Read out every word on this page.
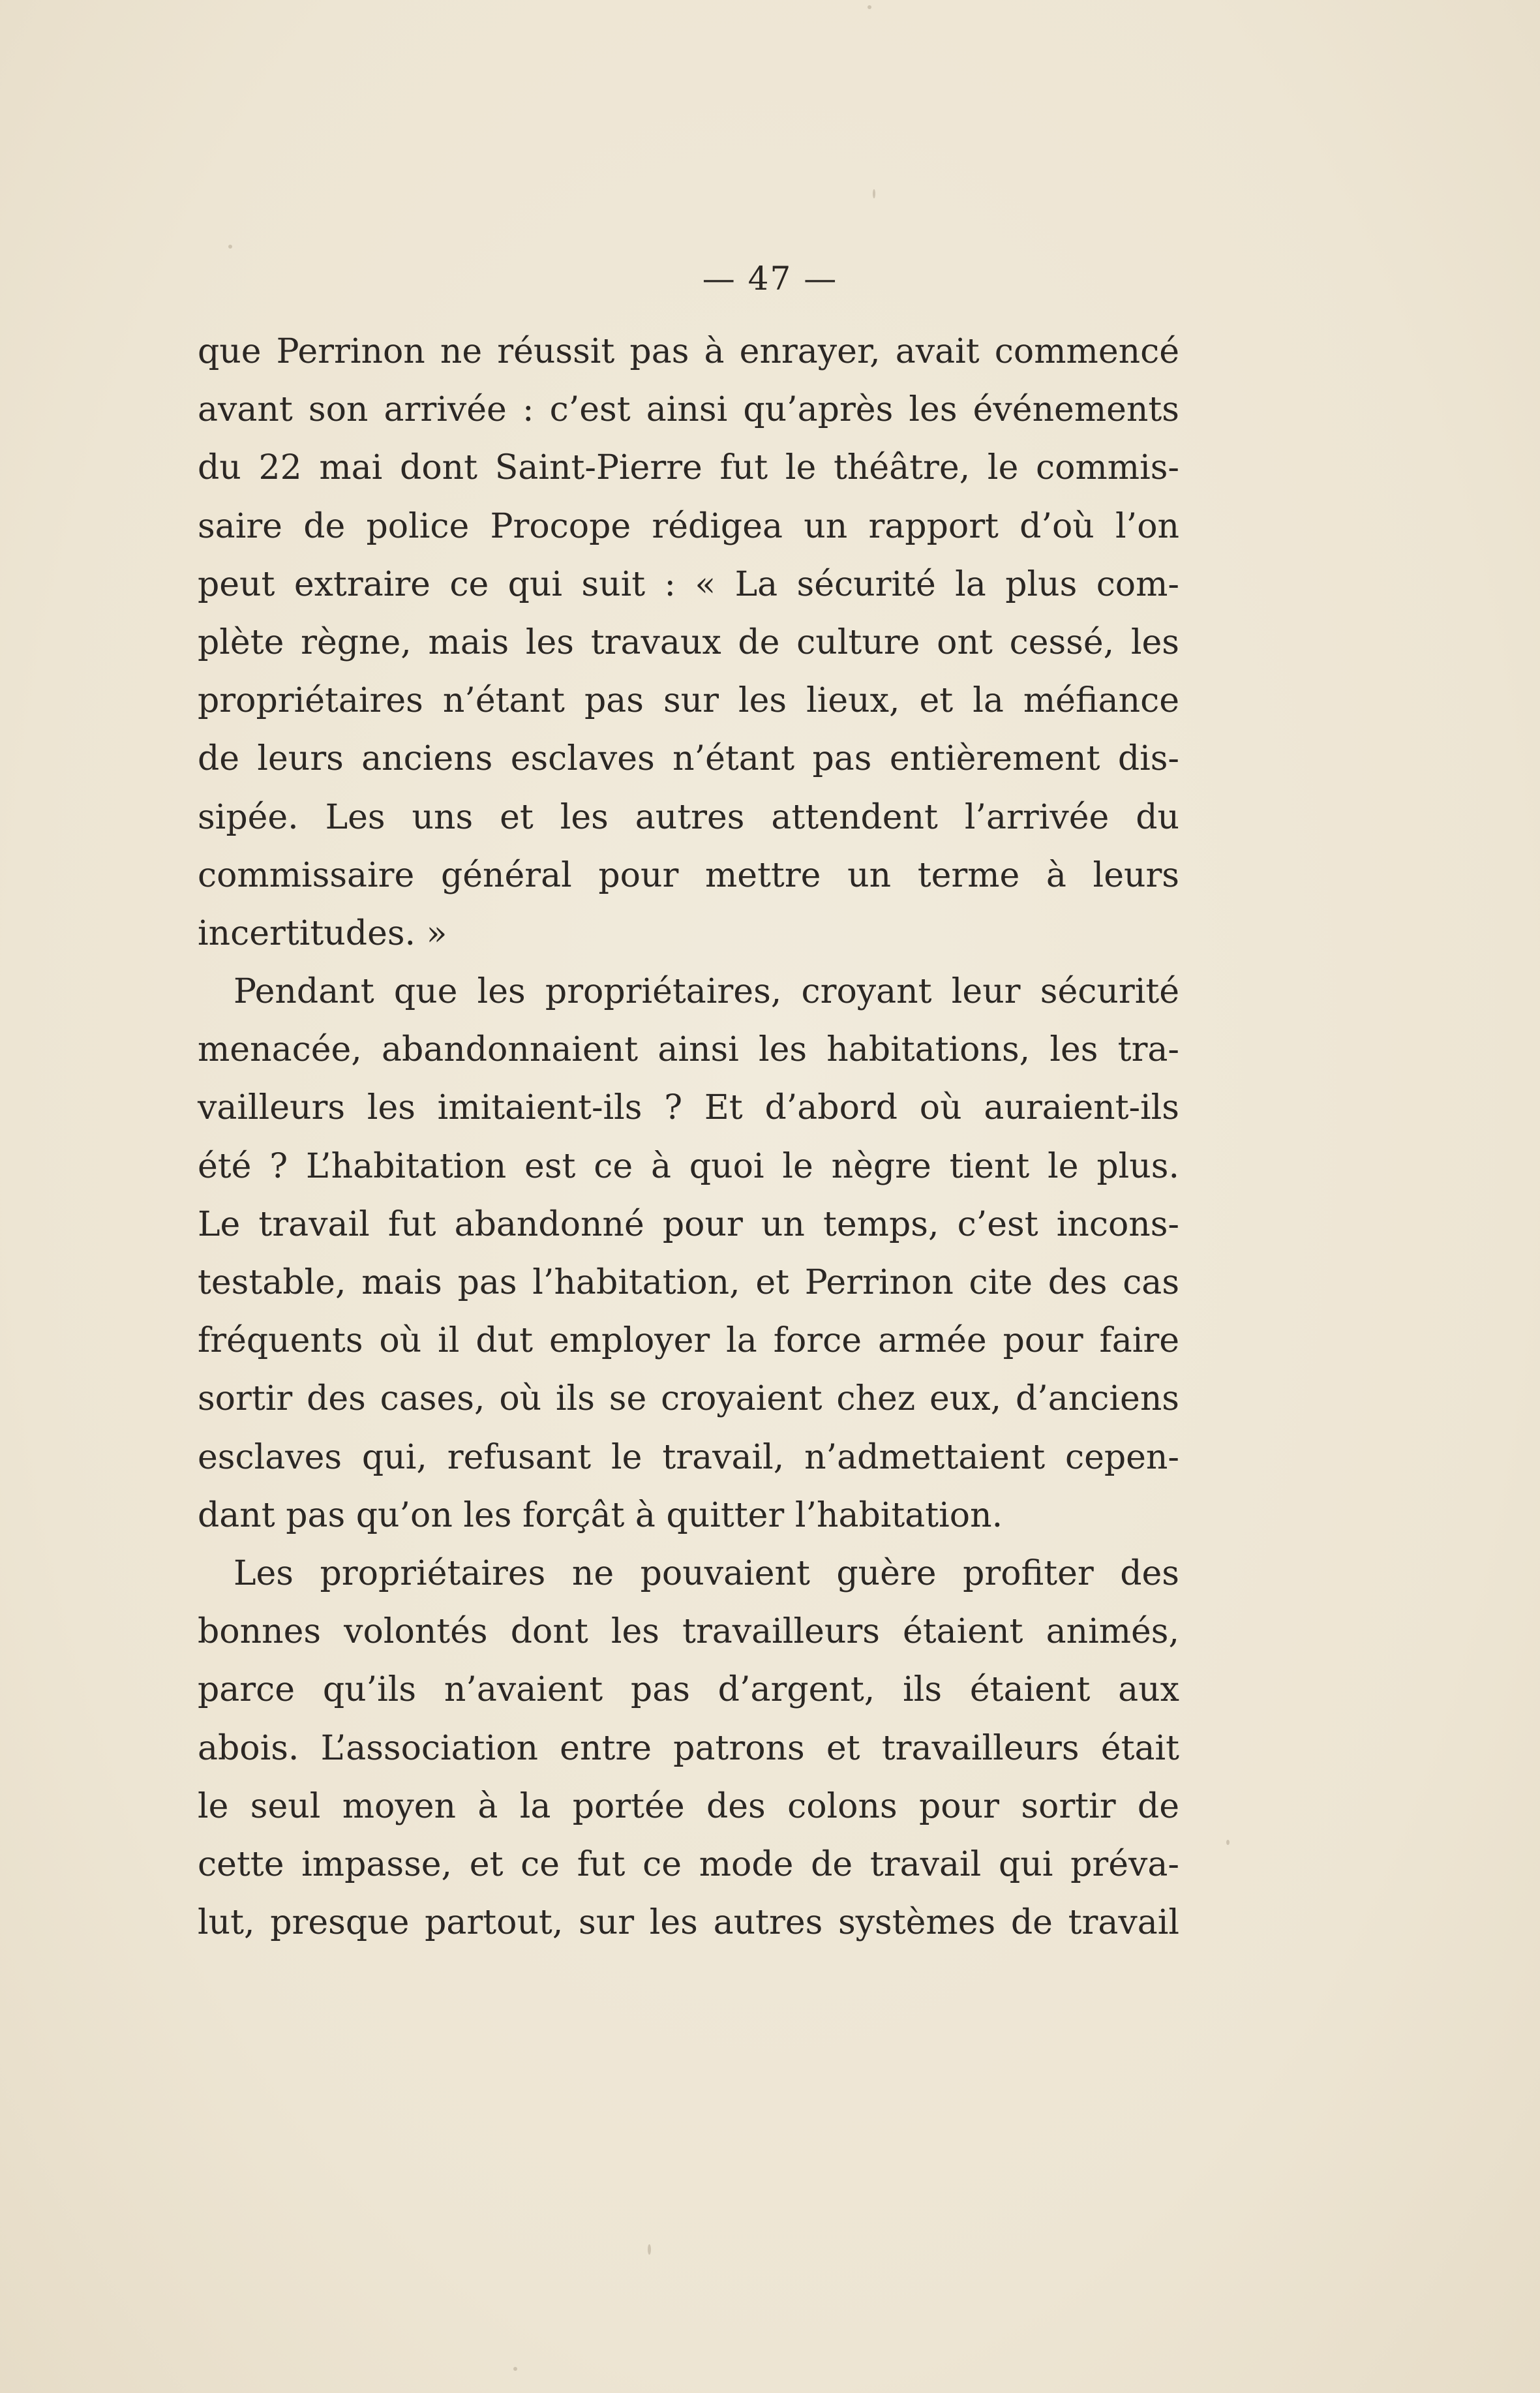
— 47 —
que Perrinon ne réussit pas à enrayer, avait commencé
avant son arrivée : c’est ainsi qu’après les événements
du 22 mai dont Saint-Pierre fut le théâtre, le commis-
saire de police Procope rédigea un rapport d’où l’on
peut extraire ce qui suit : « La sécurité la plus com-
plète règne, mais les travaux de culture ont cessé, les
propriétaires n’étant pas sur les lieux, et la méfiance
de leurs anciens esclaves n’étant pas entièrement dis-
sipée. Les uns et les autres attendent l’arrivée du
commissaire général pour mettre un terme à leurs
incertitudes. »
Pendant que les propriétaires, croyant leur sécurité
menacée, abandonnaient ainsi les habitations, les tra-
vailleurs les imitaient-ils ? Et d’abord où auraient-ils
été ? L’habitation est ce à quoi le nègre tient le plus.
Le travail fut abandonné pour un temps, c’est incons-
testable, mais pas l’habitation, et Perrinon cite des cas
fréquents où il dut employer la force armée pour faire
sortir des cases, où ils se croyaient chez eux, d’anciens
esclaves qui, refusant le travail, n’admettaient cepen-
dant pas qu’on les forçât à quitter l’habitation.
Les propriétaires ne pouvaient guère profiter des
bonnes volontés dont les travailleurs étaient animés,
parce qu’ils n’avaient pas d’argent, ils étaient aux
abois. L’association entre patrons et travailleurs était
le seul moyen à la portée des colons pour sortir de
cette impasse, et ce fut ce mode de travail qui préva-
lut, presque partout, sur les autres systèmes de travail
